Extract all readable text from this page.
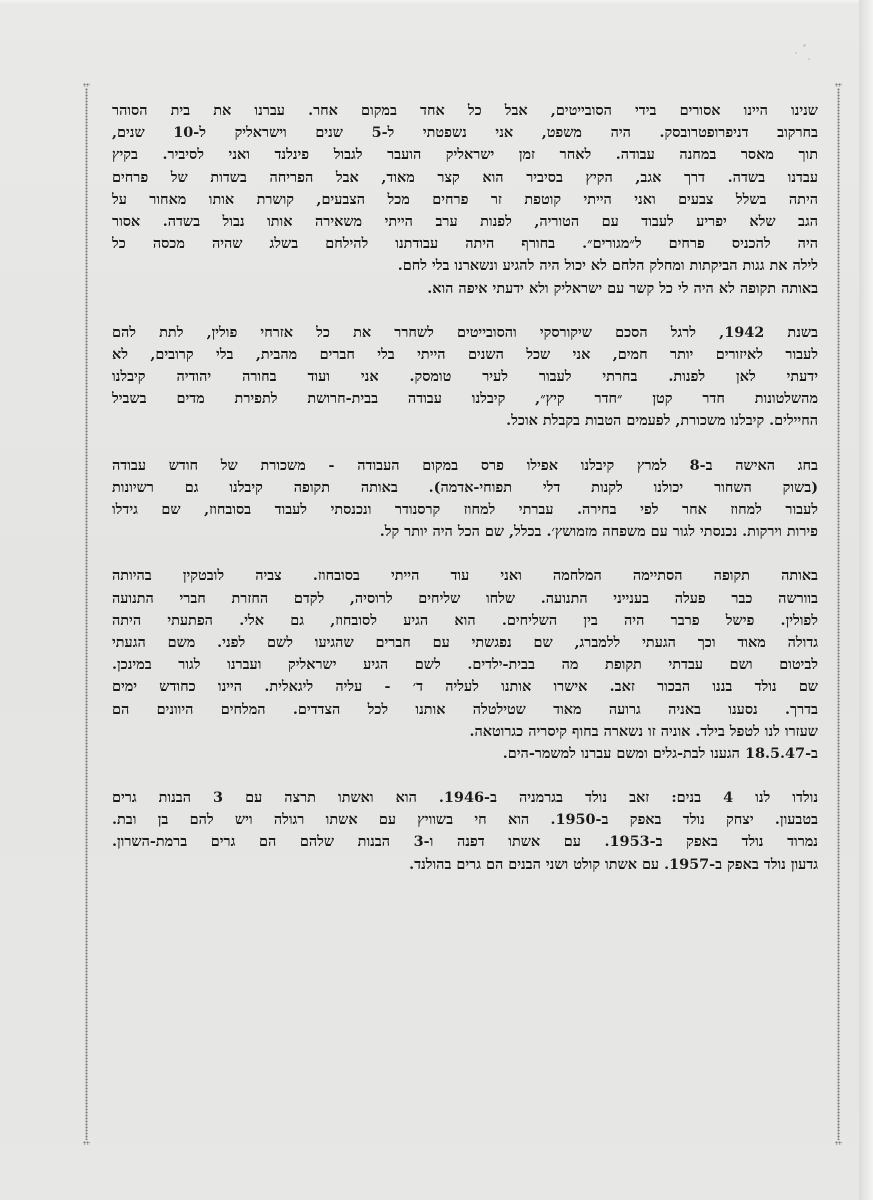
שנינו היינו אסורים בידי הסובייטים, אבל כל אחד במקום אחר. עברנו את בית הסוהר
בחרקוב דניפרופטרובסק. היה משפט, אני נשפטתי ל-5 שנים וישראליק ל-10 שנים,
תוך מאסר במחנה עבודה. לאחר זמן ישראליק הועבר לגבול פינלנד ואני לסיביר. בקיץ
עבדנו בשדה. דרך אגב, הקיץ בסיביר הוא קצר מאוד, אבל הפריחה בשדות של פרחים
היתה בשלל צבעים ואני הייתי קוטפת זר פרחים מכל הצבעים, קושרת אותו מאחור על
הגב שלא יפריע לעבוד עם הטוריה, לפנות ערב הייתי משאירה אותו נבול בשדה. אסור
היה להכניס פרחים ל״מגורים״. בחורף היתה עבודתנו להילחם בשלג שהיה מכסה כל
לילה את גגות הביקתות ומחלק הלחם לא יכול היה להגיע ונשארנו בלי לחם.
באותה תקופה לא היה לי כל קשר עם ישראליק ולא ידעתי איפה הוא.
בשנת 1942, לרגל הסכם שיקורסקי והסובייטים לשחרר את כל אזרחי פולין, לתת להם
לעבור לאיזורים יותר חמים, אני שכל השנים הייתי בלי חברים מהבית, בלי קרובים, לא
ידעתי לאן לפנות. בחרתי לעבור לעיר טומסק. אני ועוד בחורה יהודיה קיבלנו
מהשלטונות חדר קטן ״חדר קיץ״, קיבלנו עבודה בבית-חרושת לתפירת מדים בשביל
החיילים. קיבלנו משכורת, לפעמים הטבות בקבלת אוכל.
בחג האישה ב-8 למרץ קיבלנו אפילו פרס במקום העבודה - משכורת של חודש עבודה
(בשוק השחור יכולנו לקנות דלי תפוחי-אדמה). באותה תקופה קיבלנו גם רשיונות
לעבור למחוז אחר לפי בחירה. עברתי למחוז קרסנודר ונכנסתי לעבוד בסובחוז, שם גידלו
פירות וירקות. נכנסתי לגור עם משפחה מזמושץ׳. בכלל, שם הכל היה יותר קל.
באותה תקופה הסתיימה המלחמה ואני עוד הייתי בסובחוז. צביה לובטקין בהיותה
בוורשה כבר פעלה בענייני התנועה. שלחו שליחים לרוסיה, לקדם החזרת חברי התנועה
לפולין. פישל פרבר היה בין השליחים. הוא הגיע לסובחוז, גם אלי. הפתעתי היתה
גדולה מאוד וכך הגעתי ללמברג, שם נפגשתי עם חברים שהגיעו לשם לפני. משם הגעתי
לביטום ושם עבדתי תקופת מה בבית-ילדים. לשם הגיע ישראליק ועברנו לגור במינכן.
שם נולד בננו הבכור זאב. אישרו אותנו לעליה ד׳ - עליה ליגאלית. היינו כחודש ימים
בדרך. נסענו באניה גרועה מאוד שטילטלה אותנו לכל הצדדים. המלחים היוונים הם
שעזרו לנו לטפל בילד. אוניה זו נשארה בחוף קיסריה כגרוטאה.
ב-18.5.47 הגענו לבת-גלים ומשם עברנו למשמר-הים.
נולדו לנו 4 בנים: זאב נולד בגרמניה ב-1946. הוא ואשתו תרצה עם 3 הבנות גרים
בטבעון. יצחק נולד באפק ב-1950. הוא חי בשוויץ עם אשתו רגולה ויש להם בן ובת.
נמרוד נולד באפק ב-1953. עם אשתו דפנה ו-3 הבנות שלהם הם גרים ברמת-השרון.
גדעון נולד באפק ב-1957. עם אשתו קולט ושני הבנים הם גרים בהולנד.
